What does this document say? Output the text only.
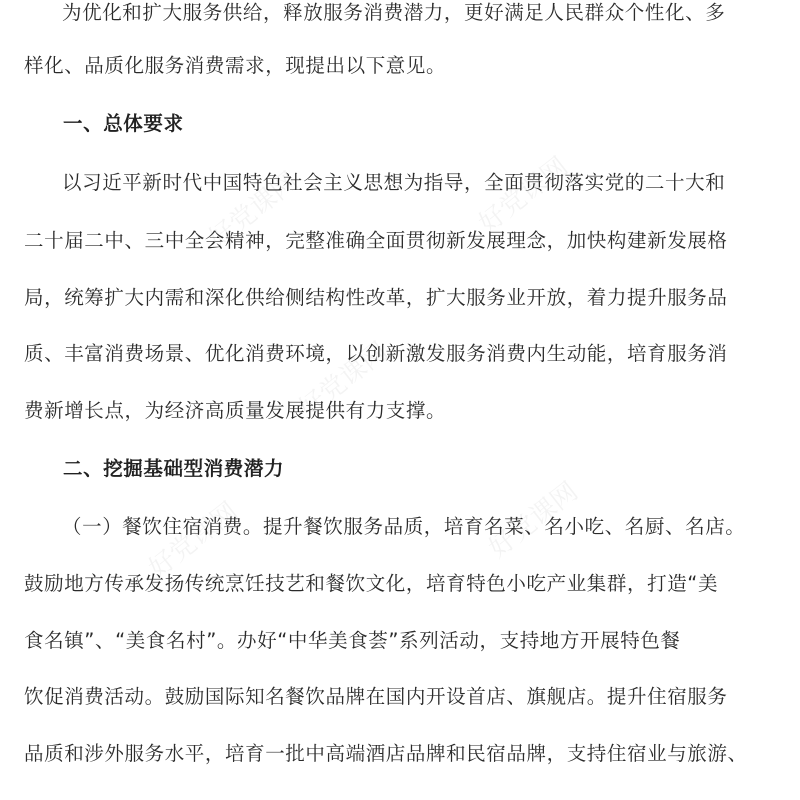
为优化和扩大服务供给，释放服务消费潜力，更好满足人民群众个性化、多
样化、品质化服务消费需求，现提出以下意见。
一、总体要求
以习近平新时代中国特色社会主义思想为指导，全面贯彻落实党的二十大和
二十届二中、三中全会精神，完整准确全面贯彻新发展理念，加快构建新发展格
局，统筹扩大内需和深化供给侧结构性改革，扩大服务业开放，着力提升服务品
质、丰富消费场景、优化消费环境，以创新激发服务消费内生动能，培育服务消
费新增长点，为经济高质量发展提供有力支撑。
二、挖掘基础型消费潜力
（一）餐饮住宿消费。提升餐饮服务品质，培育名菜、名小吃、名厨、名店。
鼓励地方传承发扬传统烹饪技艺和餐饮文化，培育特色小吃产业集群，打造“美
食名镇”、“美食名村”。办好“中华美食荟”系列活动，支持地方开展特色餐
饮促消费活动。鼓励国际知名餐饮品牌在国内开设首店、旗舰店。提升住宿服务
品质和涉外服务水平，培育一批中高端酒店品牌和民宿品牌，支持住宿业与旅游、
